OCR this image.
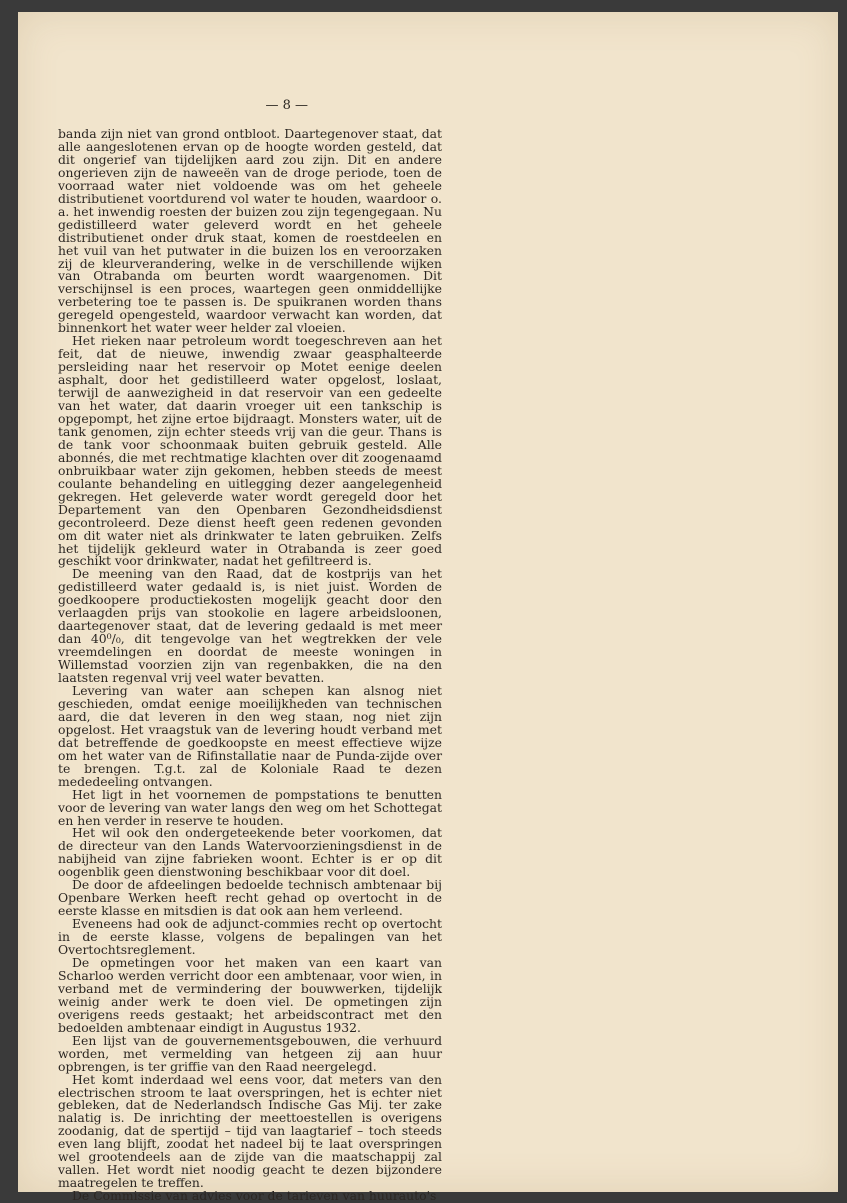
— 8 —

banda zijn niet van grond ontbloot. Daartegenover staat, dat alle aangeslotenen ervan op de hoogte worden gesteld, dat dit ongerief van tijdelijken aard zou zijn. Dit en andere ongerieven zijn de naweeën van de droge periode, toen de voorraad water niet voldoende was om het geheele distributienet voortdurend vol water te houden, waardoor o. a. het inwendig roesten der buizen zou zijn tegengegaan. Nu gedistilleerd water geleverd wordt en het geheele distributienet onder druk staat, komen de roestdeelen en het vuil van het putwater in die buizen los en veroorzaken zij de kleurverandering, welke in de verschillende wijken van Otrabanda om beurten wordt waargenomen. Dit verschijnsel is een proces, waartegen geen onmiddellijke verbetering toe te passen is. De spuikranen worden thans geregeld opengesteld, waardoor verwacht kan worden, dat binnenkort het water weer helder zal vloeien.

Het rieken naar petroleum wordt toegeschreven aan het feit, dat de nieuwe, inwendig zwaar geasphalteerde persleiding naar het reservoir op Motet eenige deelen asphalt, door het gedistilleerd water opgelost, loslaat, terwijl de aanwezigheid in dat reservoir van een gedeelte van het water, dat daarin vroeger uit een tankschip is opgepompt, het zijne ertoe bijdraagt. Monsters water, uit de tank genomen, zijn echter steeds vrij van die geur. Thans is de tank voor schoonmaak buiten gebruik gesteld. Alle abonnés, die met rechtmatige klachten over dit zoogenaamd onbruikbaar water zijn gekomen, hebben steeds de meest coulante behandeling en uitlegging dezer aangelegenheid gekregen. Het geleverde water wordt geregeld door het Departement van den Openbaren Gezondheidsdienst gecontroleerd. Deze dienst heeft geen redenen gevonden om dit water niet als drinkwater te laten gebruiken. Zelfs het tijdelijk gekleurd water in Otrabanda is zeer goed geschikt voor drinkwater, nadat het gefiltreerd is.

De meening van den Raad, dat de kostprijs van het gedistilleerd water gedaald is, is niet juist. Worden de goedkoopere productiekosten mogelijk geacht door den verlaagden prijs van stookolie en lagere arbeidsloonen, daartegenover staat, dat de levering gedaald is met meer dan 40⁰/₀, dit tengevolge van het wegtrekken der vele vreemdelingen en doordat de meeste woningen in Willemstad voorzien zijn van regenbakken, die na den laatsten regenval vrij veel water bevatten.

Levering van water aan schepen kan alsnog niet geschieden, omdat eenige moeilijkheden van technischen aard, die dat leveren in den weg staan, nog niet zijn opgelost. Het vraagstuk van de levering houdt verband met dat betreffende de goedkoopste en meest effectieve wijze om het water van de Rifinstallatie naar de Punda-zijde over te brengen. T.g.t. zal de Koloniale Raad te dezen mededeeling ontvangen.

Het ligt in het voornemen de pompstations te benutten voor de levering van water langs den weg om het Schottegat en hen verder in reserve te houden.

Het wil ook den ondergeteekende beter voorkomen, dat de directeur van den Lands Watervoorzieningsdienst in de nabijheid van zijne fabrieken woont. Echter is er op dit oogenblik geen dienstwoning beschikbaar voor dit doel.

De door de afdeelingen bedoelde technisch ambtenaar bij Openbare Werken heeft recht gehad op overtocht in de eerste klasse en mitsdien is dat ook aan hem verleend.

Eveneens had ook de adjunct-commies recht op overtocht in de eerste klasse, volgens de bepalingen van het Overtochtsreglement.

De opmetingen voor het maken van een kaart van Scharloo werden verricht door een ambtenaar, voor wien, in verband met de vermindering der bouwwerken, tijdelijk weinig ander werk te doen viel. De opmetingen zijn overigens reeds gestaakt; het arbeidscontract met den bedoelden ambtenaar eindigt in Augustus 1932.

Een lijst van de gouvernementsgebouwen, die verhuurd worden, met vermelding van hetgeen zij aan huur opbrengen, is ter griffie van den Raad neergelegd.

Het komt inderdaad wel eens voor, dat meters van den electrischen stroom te laat overspringen, het is echter niet gebleken, dat de Nederlandsch Indische Gas Mij. ter zake nalatig is. De inrichting der meettoestellen is overigens zoodanig, dat de spertijd – tijd van laagtarief – toch steeds even lang blijft, zoodat het nadeel bij te laat overspringen wel grootendeels aan de zijde van die maatschappij zal vallen. Het wordt niet noodig geacht te dezen bijzondere maatregelen te treffen.

De Commissie van advies voor de tarieven van huurauto's
